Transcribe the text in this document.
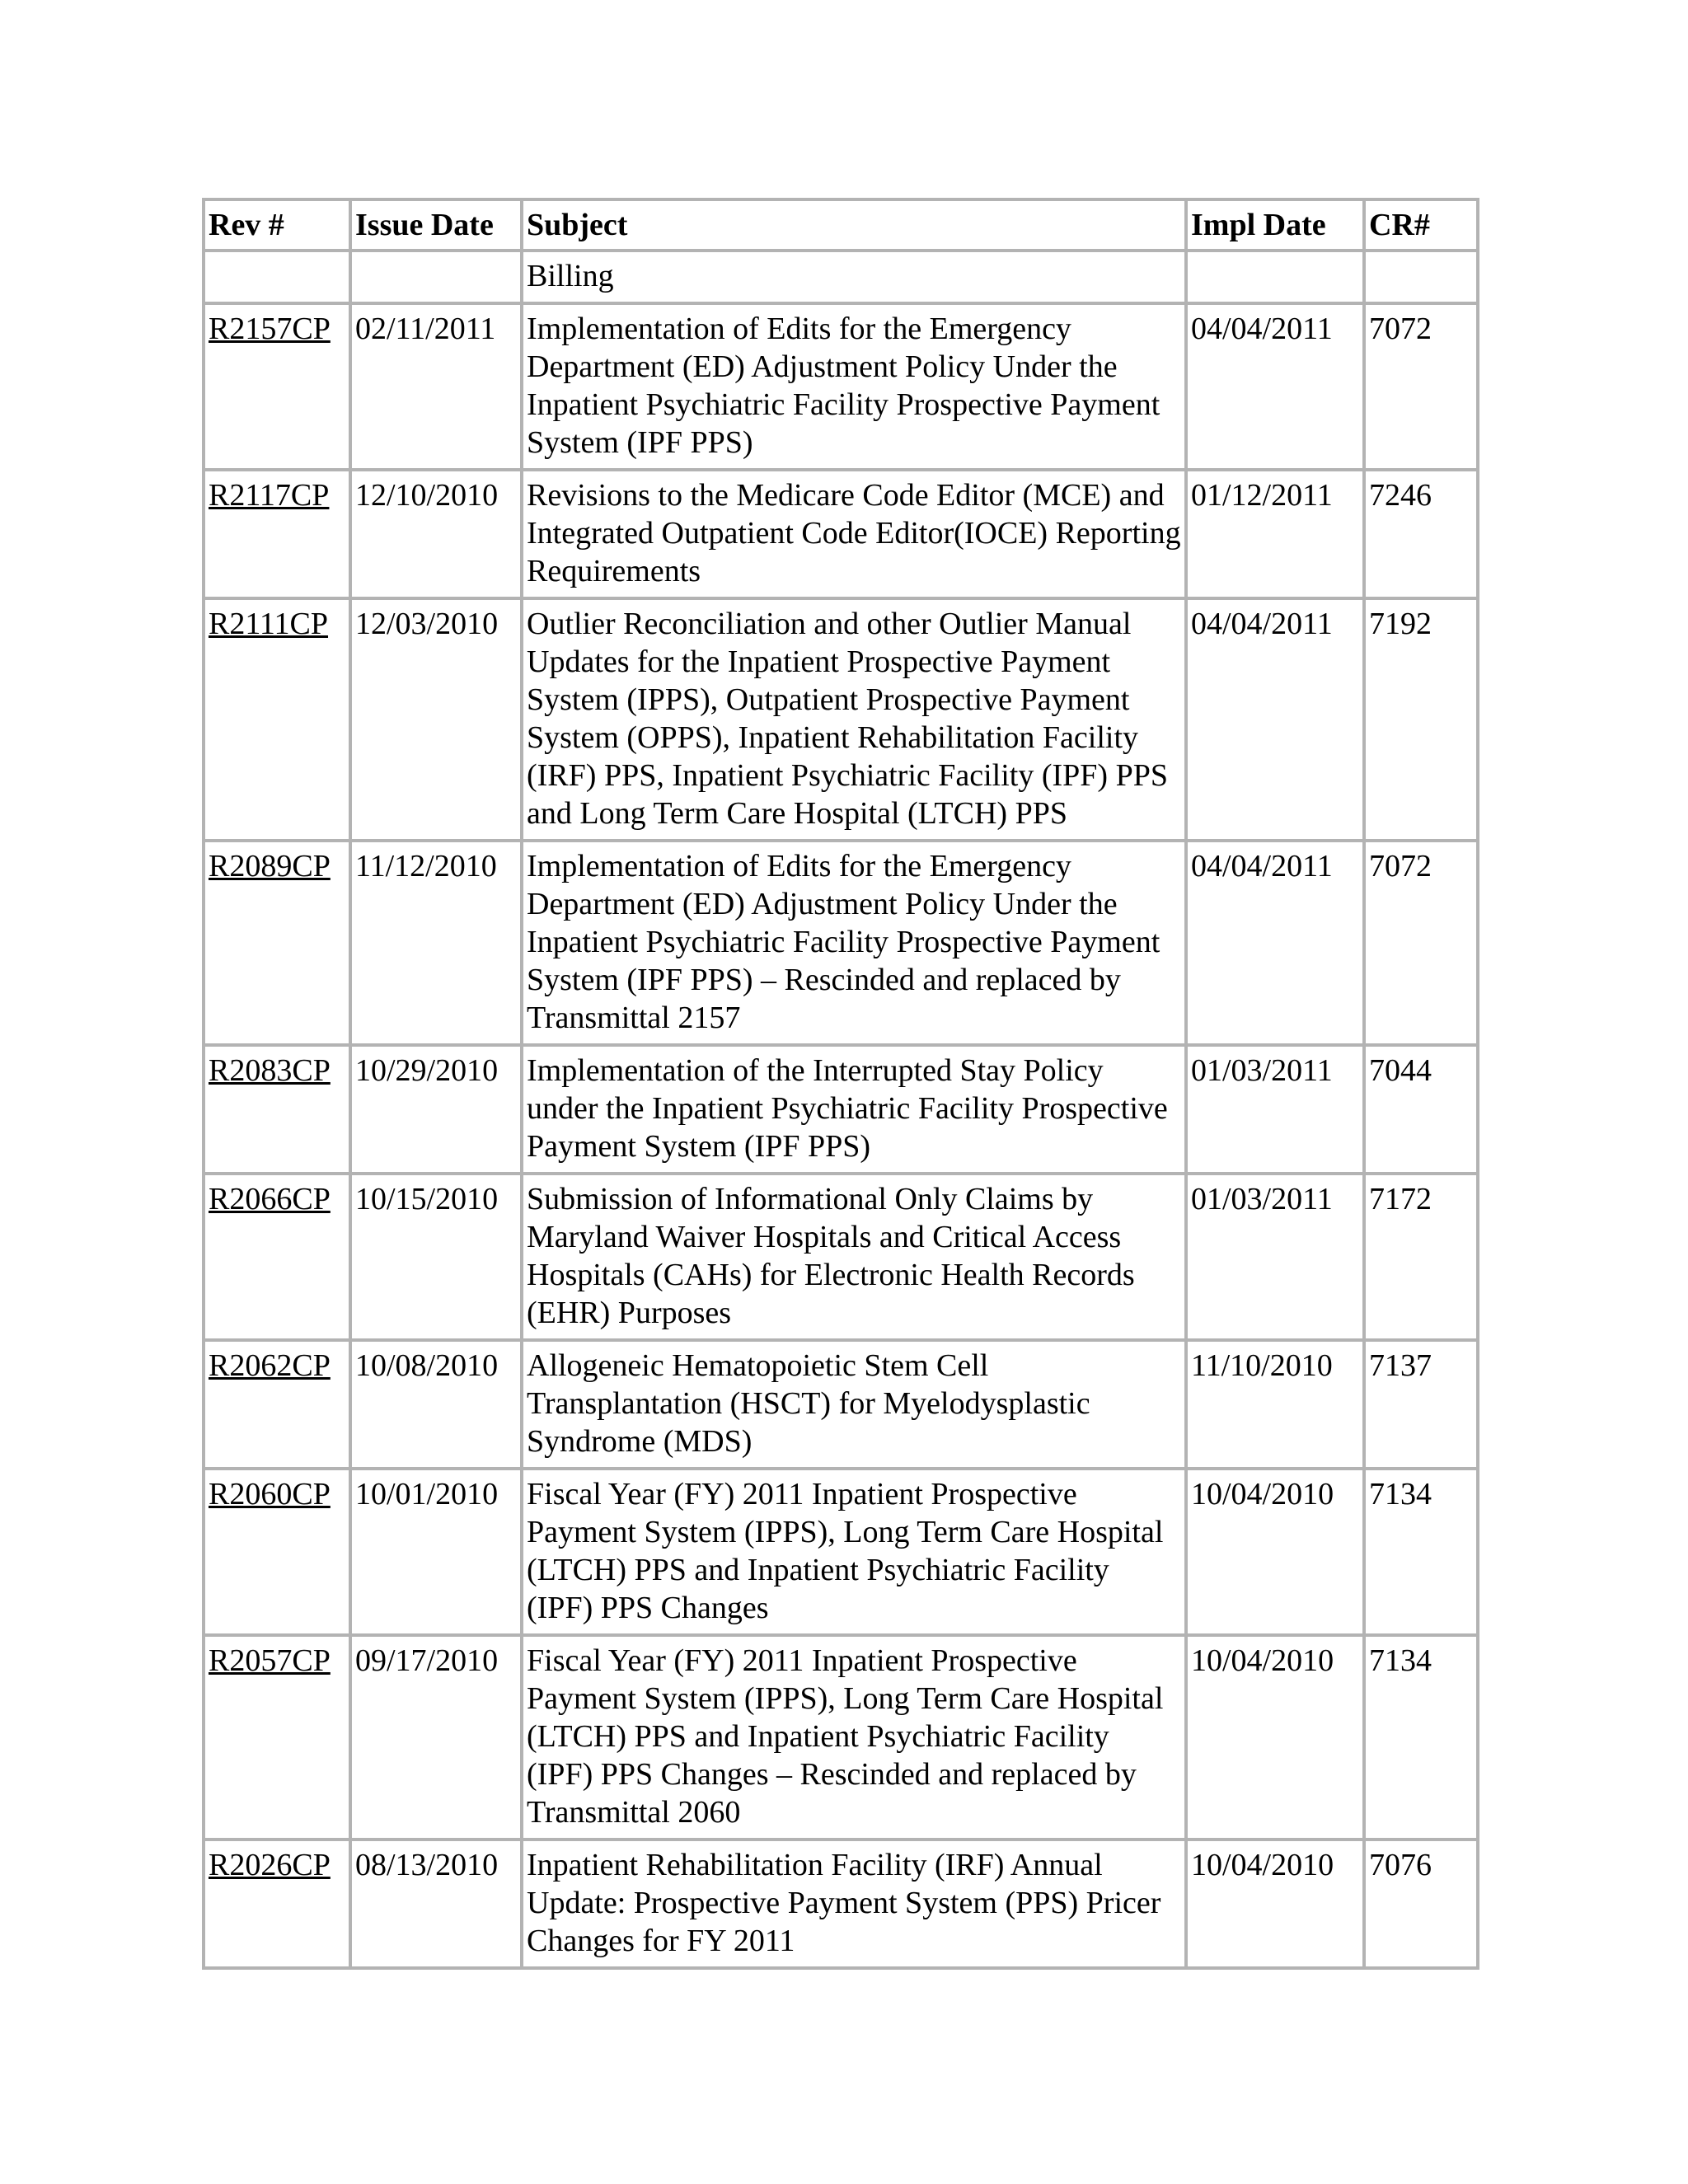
Rev #	Issue Date	Subject	Impl Date	CR#
		Billing		
R2157CP	02/11/2011	Implementation of Edits for the Emergency Department (ED) Adjustment Policy Under the Inpatient Psychiatric Facility Prospective Payment System (IPF PPS)	04/04/2011	7072
R2117CP	12/10/2010	Revisions to the Medicare Code Editor (MCE) and Integrated Outpatient Code Editor(IOCE) Reporting Requirements	01/12/2011	7246
R2111CP	12/03/2010	Outlier Reconciliation and other Outlier Manual Updates for the Inpatient Prospective Payment System (IPPS), Outpatient Prospective Payment System (OPPS), Inpatient Rehabilitation Facility (IRF) PPS, Inpatient Psychiatric Facility (IPF) PPS and Long Term Care Hospital (LTCH) PPS	04/04/2011	7192
R2089CP	11/12/2010	Implementation of Edits for the Emergency Department (ED) Adjustment Policy Under the Inpatient Psychiatric Facility Prospective Payment System (IPF PPS) – Rescinded and replaced by Transmittal 2157	04/04/2011	7072
R2083CP	10/29/2010	Implementation of the Interrupted Stay Policy under the Inpatient Psychiatric Facility Prospective Payment System (IPF PPS)	01/03/2011	7044
R2066CP	10/15/2010	Submission of Informational Only Claims by Maryland Waiver Hospitals and Critical Access Hospitals (CAHs) for Electronic Health Records (EHR) Purposes	01/03/2011	7172
R2062CP	10/08/2010	Allogeneic Hematopoietic Stem Cell Transplantation (HSCT) for Myelodysplastic Syndrome (MDS)	11/10/2010	7137
R2060CP	10/01/2010	Fiscal Year (FY) 2011 Inpatient Prospective Payment System (IPPS), Long Term Care Hospital (LTCH) PPS and Inpatient Psychiatric Facility (IPF) PPS Changes	10/04/2010	7134
R2057CP	09/17/2010	Fiscal Year (FY) 2011 Inpatient Prospective Payment System (IPPS), Long Term Care Hospital (LTCH) PPS and Inpatient Psychiatric Facility (IPF) PPS Changes – Rescinded and replaced by Transmittal 2060	10/04/2010	7134
R2026CP	08/13/2010	Inpatient Rehabilitation Facility (IRF) Annual Update: Prospective Payment System (PPS) Pricer Changes for FY 2011	10/04/2010	7076
